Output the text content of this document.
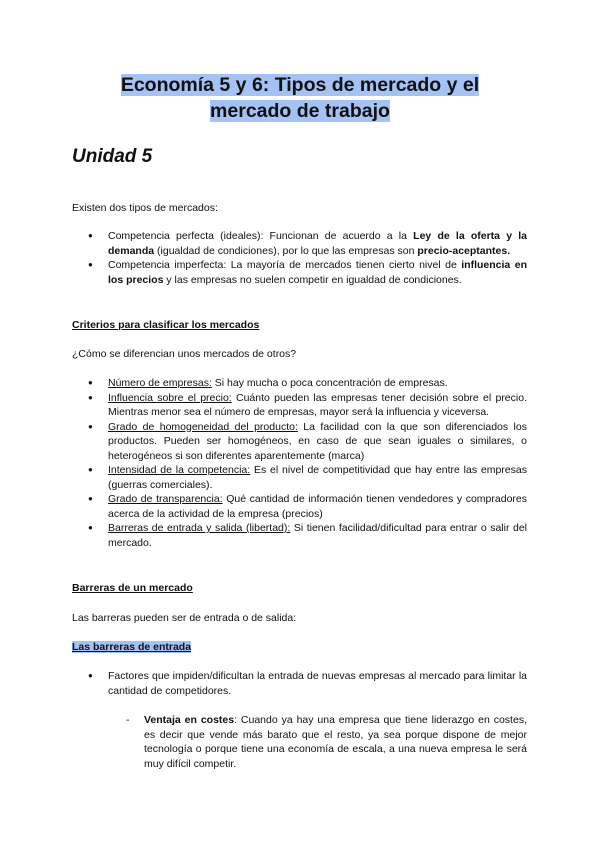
Economía 5 y 6: Tipos de mercado y el
mercado de trabajo
Unidad 5

Existen dos tipos de mercados:

● Competencia perfecta (ideales): Funcionan de acuerdo a la Ley de la oferta y la demanda (igualdad de condiciones), por lo que las empresas son precio-aceptantes.
● Competencia imperfecta: La mayoría de mercados tienen cierto nivel de influencia en los precios y las empresas no suelen competir en igualdad de condiciones.

Criterios para clasificar los mercados

¿Cómo se diferencian unos mercados de otros?

● Número de empresas: Si hay mucha o poca concentración de empresas.
● Influencia sobre el precio: Cuánto pueden las empresas tener decisión sobre el precio. Mientras menor sea el número de empresas, mayor será la influencia y viceversa.
● Grado de homogeneidad del producto: La facilidad con la que son diferenciados los productos. Pueden ser homogéneos, en caso de que sean iguales o similares, o heterogéneos si son diferentes aparentemente (marca)
● Intensidad de la competencia: Es el nivel de competitividad que hay entre las empresas (guerras comerciales).
● Grado de transparencia: Qué cantidad de información tienen vendedores y compradores acerca de la actividad de la empresa (precios)
● Barreras de entrada y salida (libertad): Si tienen facilidad/dificultad para entrar o salir del mercado.

Barreras de un mercado

Las barreras pueden ser de entrada o de salida:

Las barreras de entrada

● Factores que impiden/dificultan la entrada de nuevas empresas al mercado para limitar la cantidad de competidores.
- Ventaja en costes: Cuando ya hay una empresa que tiene liderazgo en costes, es decir que vende más barato que el resto, ya sea porque dispone de mejor tecnología o porque tiene una economía de escala, a una nueva empresa le será muy difícil competir.
